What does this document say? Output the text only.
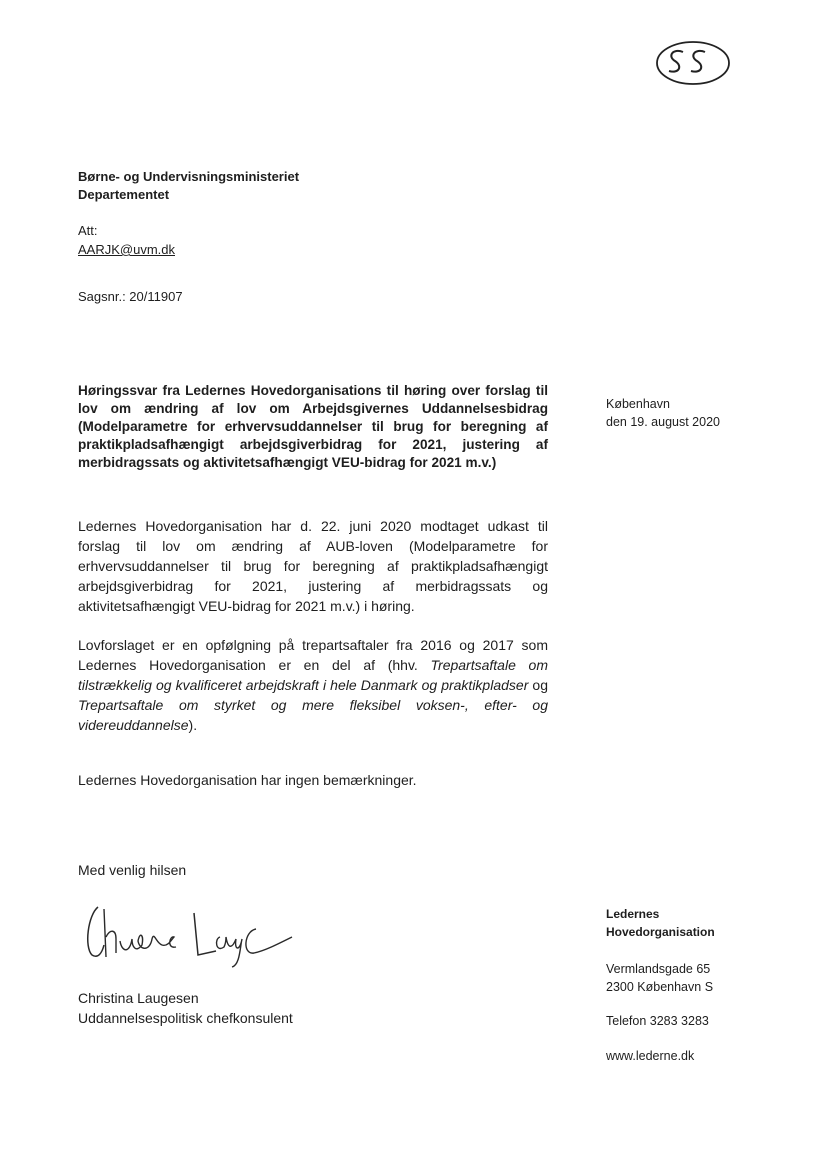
Børne- og Undervisningsministeriet
Departementet
Att:
AARJK@uvm.dk
Sagsnr.: 20/11907
Høringssvar fra Ledernes Hovedorganisations til høring over forslag til lov om ændring af lov om Arbejdsgivernes Uddannelsesbidrag (Modelparametre for erhvervsuddannelser til brug for beregning af praktikpladsafhængigt arbejdsgiverbidrag for 2021, justering af merbidragssats og aktivitetsafhængigt VEU-bidrag for 2021 m.v.)
København
den 19. august 2020
Ledernes Hovedorganisation har d. 22. juni 2020 modtaget udkast til forslag til lov om ændring af AUB-loven (Modelparametre for erhvervsuddannelser til brug for beregning af praktikpladsafhængigt arbejdsgiverbidrag for 2021, justering af merbidragssats og aktivitetsafhængigt VEU-bidrag for 2021 m.v.) i høring.
Lovforslaget er en opfølgning på trepartsaftaler fra 2016 og 2017 som Ledernes Hovedorganisation er en del af (hhv. Trepartsaftale om tilstrækkelig og kvalificeret arbejdskraft i hele Danmark og praktikpladser og Trepartsaftale om styrket og mere fleksibel voksen-, efter- og videreuddannelse).
Ledernes Hovedorganisation har ingen bemærkninger.
Med venlig hilsen
Christina Laugesen
Uddannelsespolitisk chefkonsulent
Ledernes
Hovedorganisation
Vermlandsgade 65
2300 København S
Telefon 3283 3283
www.lederne.dk
